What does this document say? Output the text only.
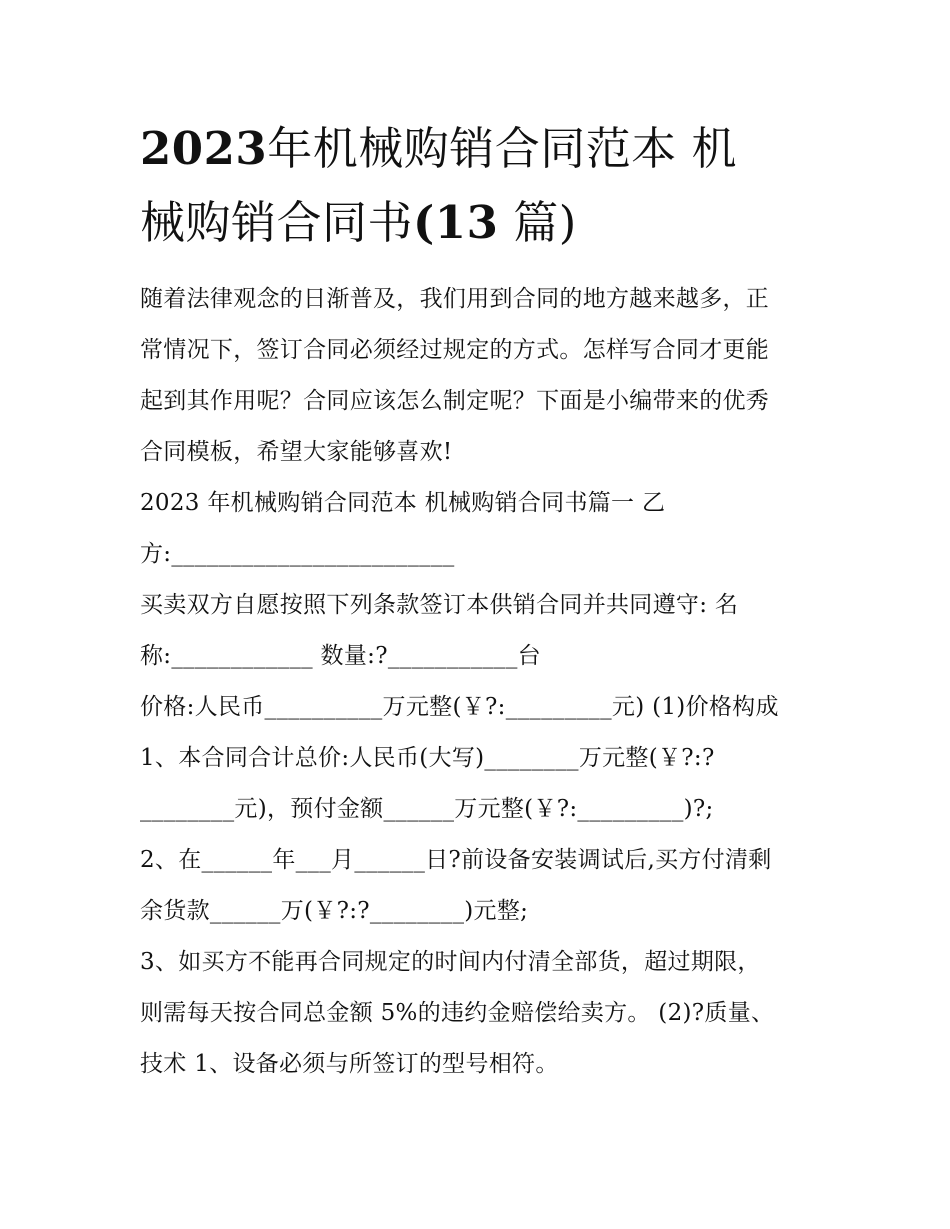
2023年机械购销合同范本 机
械购销合同书(13 篇)
随着法律观念的日渐普及，我们用到合同的地方越来越多，正
常情况下，签订合同必须经过规定的方式。怎样写合同才更能
起到其作用呢？合同应该怎么制定呢？下面是小编带来的优秀
合同模板，希望大家能够喜欢!
2023 年机械购销合同范本 机械购销合同书篇一 乙
方:________________________
买卖双方自愿按照下列条款签订本供销合同并共同遵守: 名
称:____________ 数量:?___________台
价格:人民币__________万元整(￥?:_________元) (1)价格构成
1、本合同合计总价:人民币(大写)________万元整(￥?:?
________元)，预付金额______万元整(￥?:_________)?;
2、在______年___月______日?前设备安装调试后,买方付清剩
余货款______万(￥?:?________)元整;
3、如买方不能再合同规定的时间内付清全部货，超过期限，
则需每天按合同总金额 5%的违约金赔偿给卖方。 (2)?质量、
技术 1、设备必须与所签订的型号相符。
